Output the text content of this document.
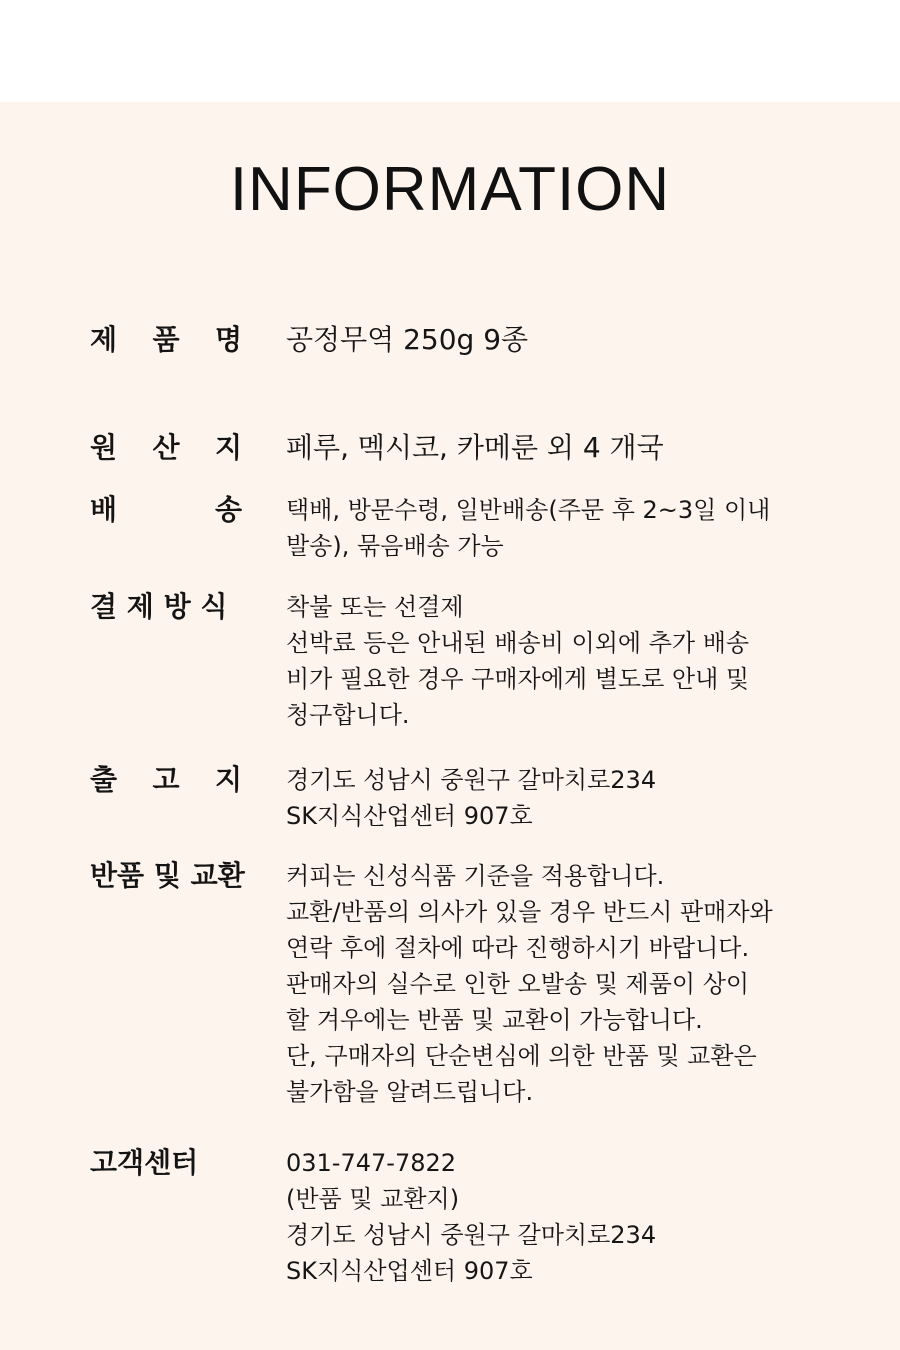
INFORMATION
제 품 명 공정무역 250g 9종
원 산 지 페루, 멕시코, 카메룬 외 4 개국
배	송 택배, 방문수령, 일반배송(주문 후 2~3일 이내
발송), 묶음배송 가능
결 제 방 식 착불 또는 선결제
선박료 등은 안내된 배송비 이외에 추가 배송
비가 필요한 경우 구매자에게 별도로 안내 및
청구합니다.
출 고 지 경기도 성남시 중원구 갈마치로234
SK지식산업센터 907호
반품 및 교환 커피는 신성식품 기준을 적용합니다.
교환/반품의 의사가 있을 경우 반드시 판매자와
연락 후에 절차에 따라 진행하시기 바랍니다.
판매자의 실수로 인한 오발송 및 제품이 상이
할 겨우에는 반품 및 교환이 가능합니다.
단, 구매자의 단순변심에 의한 반품 및 교환은
불가함을 알려드립니다.
고객센터	031-747-7822
(반품 및 교환지)
경기도 성남시 중원구 갈마치로234
SK지식산업센터 907호
